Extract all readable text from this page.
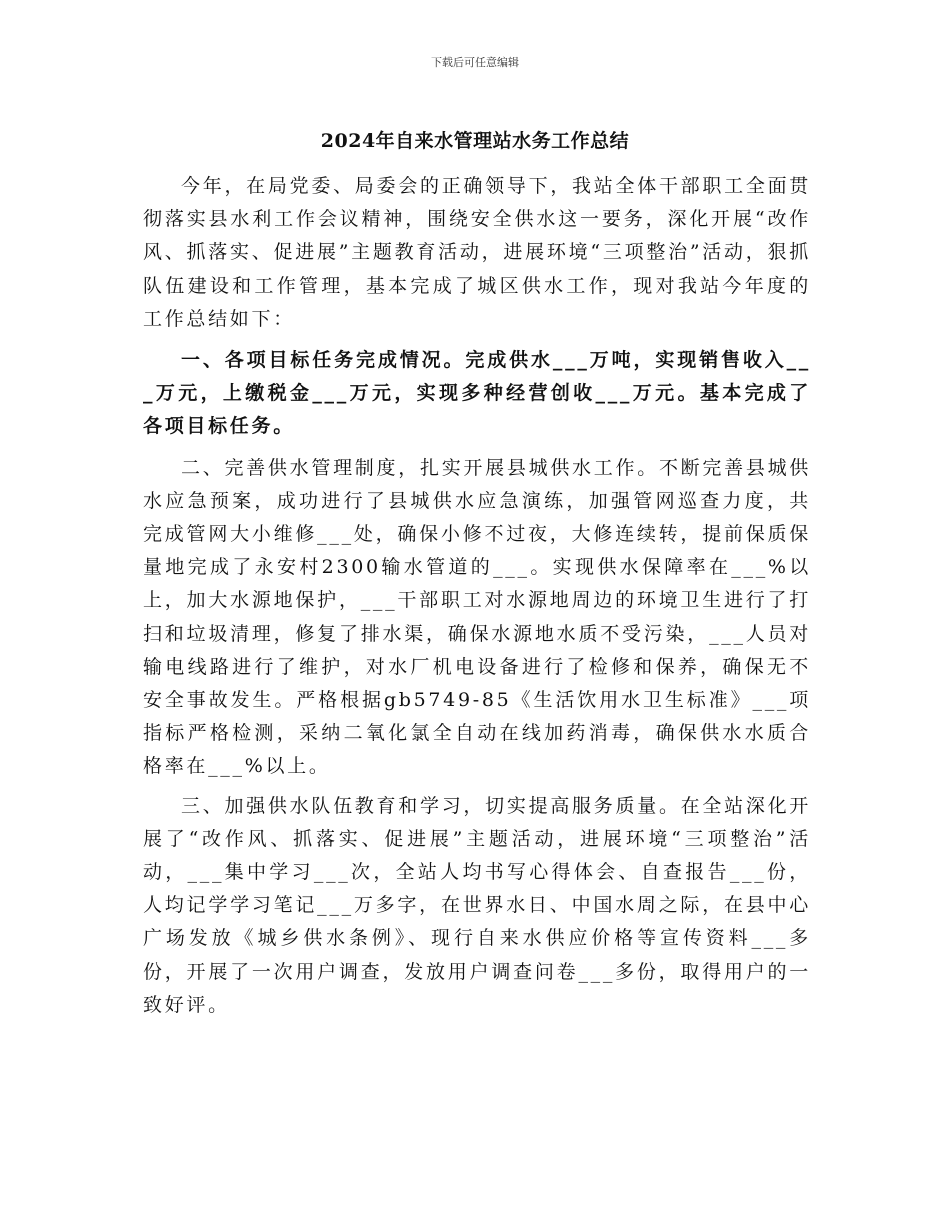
下载后可任意编辑
2024年自来水管理站水务工作总结

今年，在局党委、局委会的正确领导下，我站全体干部职工全面贯彻落实县水利工作会议精神，围绕安全供水这一要务，深化开展“改作风、抓落实、促进展”主题教育活动，进展环境“三项整治”活动，狠抓队伍建设和工作管理，基本完成了城区供水工作，现对我站今年度的工作总结如下：

一、各项目标任务完成情况。完成供水___万吨，实现销售收入___万元，上缴税金___万元，实现多种经营创收___万元。基本完成了各项目标任务。

二、完善供水管理制度，扎实开展县城供水工作。不断完善县城供水应急预案，成功进行了县城供水应急演练，加强管网巡查力度，共完成管网大小维修___处，确保小修不过夜，大修连续转，提前保质保量地完成了永安村2300输水管道的___。实现供水保障率在___%以上，加大水源地保护，___干部职工对水源地周边的环境卫生进行了打扫和垃圾清理，修复了排水渠，确保水源地水质不受污染，___人员对输电线路进行了维护，对水厂机电设备进行了检修和保养，确保无不安全事故发生。严格根据gb5749-85《生活饮用水卫生标准》___项指标严格检测，采纳二氧化氯全自动在线加药消毒，确保供水水质合格率在___%以上。

三、加强供水队伍教育和学习，切实提高服务质量。在全站深化开展了“改作风、抓落实、促进展”主题活动，进展环境“三项整治”活动，___集中学习___次，全站人均书写心得体会、自查报告___份，人均记学学习笔记___万多字，在世界水日、中国水周之际，在县中心广场发放《城乡供水条例》、现行自来水供应价格等宣传资料___多份，开展了一次用户调查，发放用户调查问卷___多份，取得用户的一致好评。
